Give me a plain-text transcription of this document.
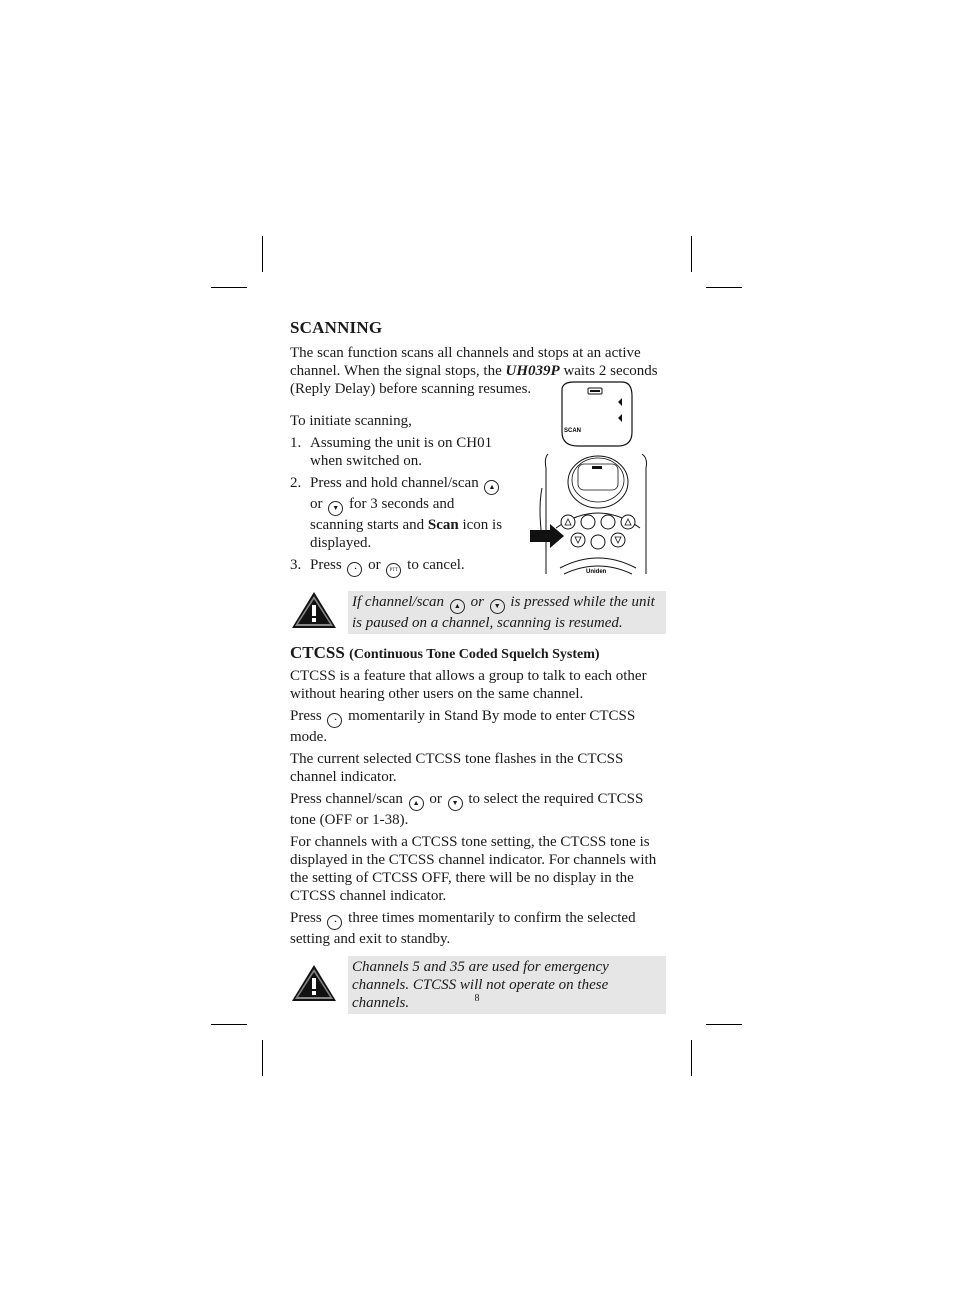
SCAN
Uniden
SCANNING

The scan function scans all channels and stops at an active channel. When the signal stops, the UH039P waits 2 seconds (Reply Delay) before scanning resumes.

To initiate scanning,

1. Assuming the unit is on CH01 when switched on.
2. Press and hold channel/scan ▲ or ▼ for 3 seconds and scanning starts and Scan icon is displayed.
3. Press ◔ or PTT to cancel.
If channel/scan ▲ or ▼ is pressed while the unit is paused on a channel, scanning is resumed.
CTCSS (Continuous Tone Coded Squelch System)

CTCSS is a feature that allows a group to talk to each other without hearing other users on the same channel.

Press ◔ momentarily in Stand By mode to enter CTCSS mode.

The current selected CTCSS tone flashes in the CTCSS channel indicator.

Press channel/scan ▲ or ▼ to select the required CTCSS tone (OFF or 1-38).

For channels with a CTCSS tone setting, the CTCSS tone is displayed in the CTCSS channel indicator. For channels with the setting of CTCSS OFF, there will be no display in the CTCSS channel indicator.

Press ◔ three times momentarily to confirm the selected setting and exit to standby.

Channels 5 and 35 are used for emergency channels. CTCSS will not operate on these channels.	8
